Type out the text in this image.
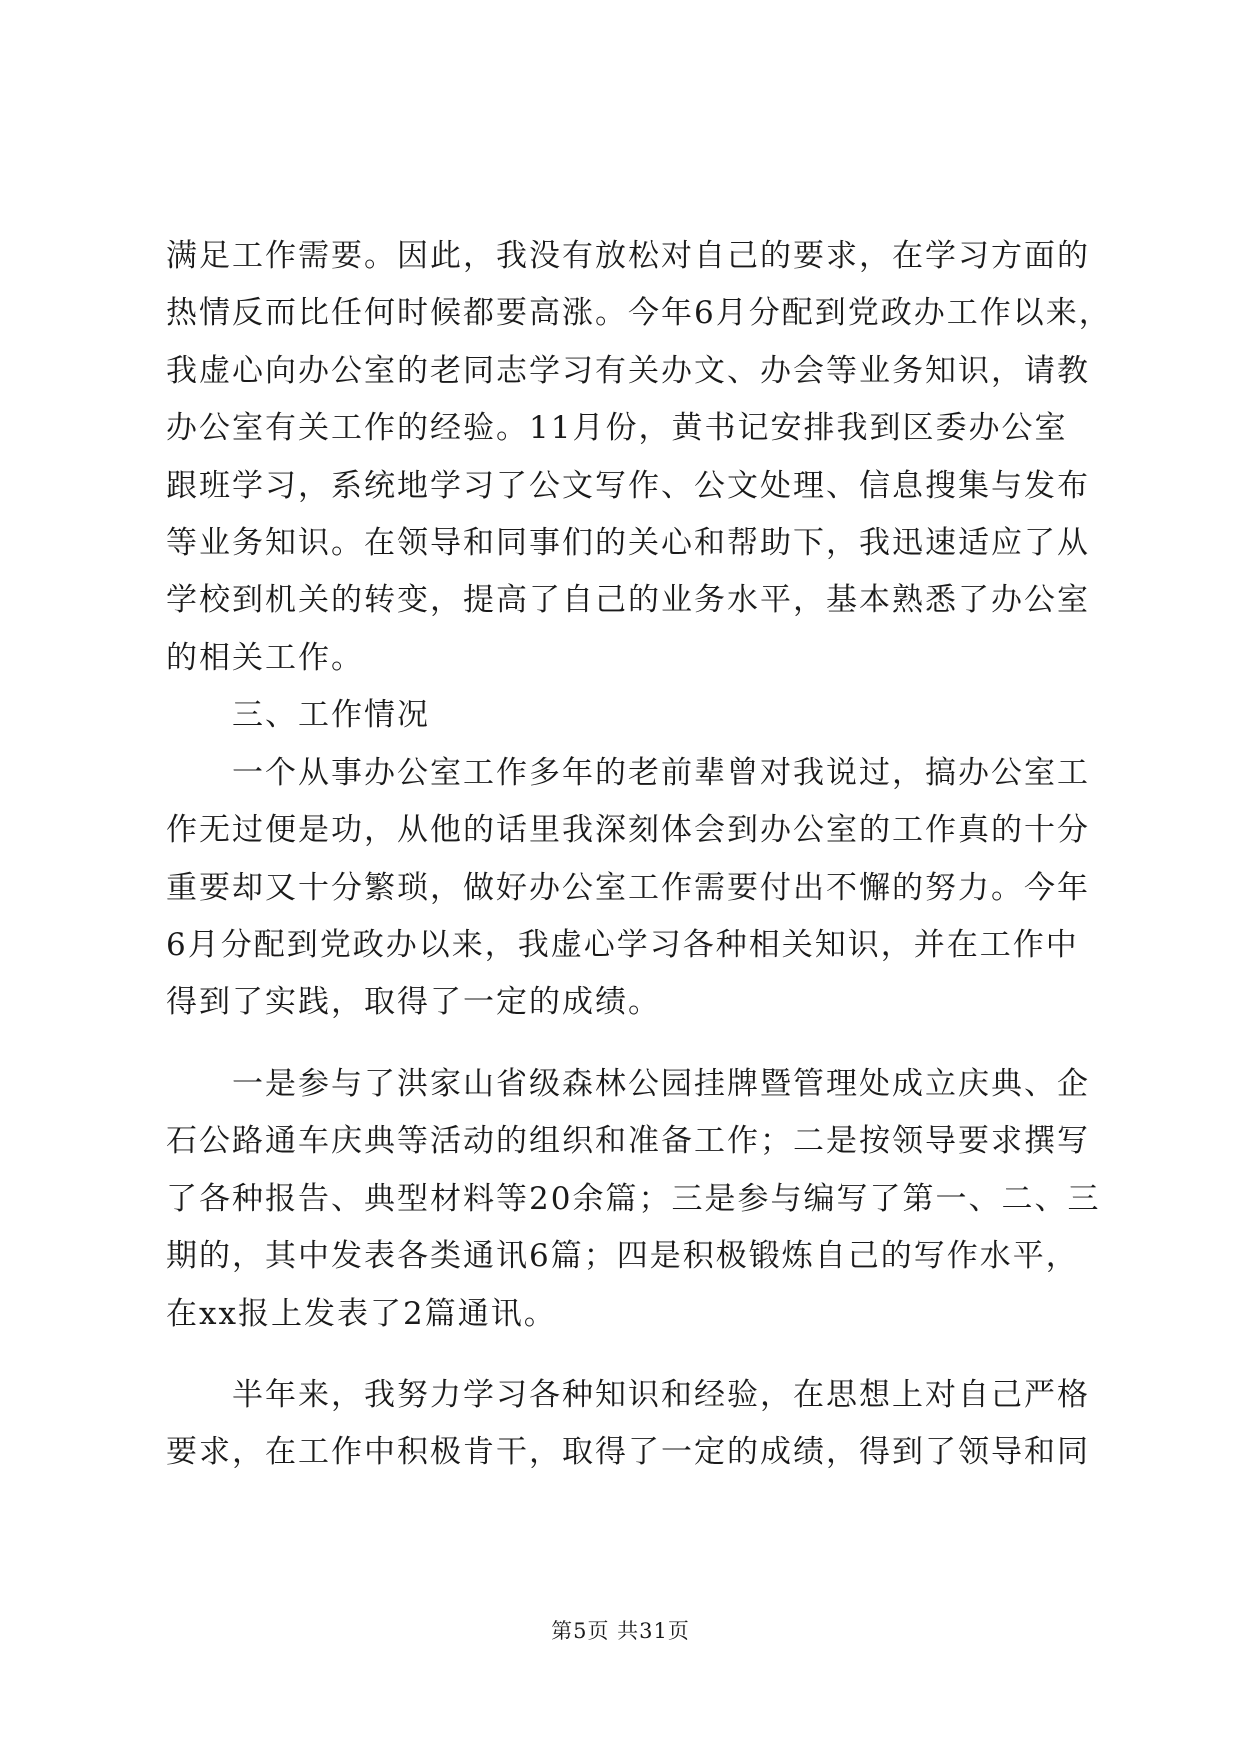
满足工作需要。因此，我没有放松对自己的要求，在学习方面的
热情反而比任何时候都要高涨。今年6月分配到党政办工作以来，
我虚心向办公室的老同志学习有关办文、办会等业务知识，请教
办公室有关工作的经验。11月份，黄书记安排我到区委办公室
跟班学习，系统地学习了公文写作、公文处理、信息搜集与发布
等业务知识。在领导和同事们的关心和帮助下，我迅速适应了从
学校到机关的转变，提高了自己的业务水平，基本熟悉了办公室
的相关工作。
三、工作情况
一个从事办公室工作多年的老前辈曾对我说过，搞办公室工
作无过便是功，从他的话里我深刻体会到办公室的工作真的十分
重要却又十分繁琐，做好办公室工作需要付出不懈的努力。今年
6月分配到党政办以来，我虚心学习各种相关知识，并在工作中
得到了实践，取得了一定的成绩。
一是参与了洪家山省级森林公园挂牌暨管理处成立庆典、企
石公路通车庆典等活动的组织和准备工作；二是按领导要求撰写
了各种报告、典型材料等20余篇；三是参与编写了第一、二、三
期的，其中发表各类通讯6篇；四是积极锻炼自己的写作水平，
在xx报上发表了2篇通讯。
半年来，我努力学习各种知识和经验，在思想上对自己严格
要求，在工作中积极肯干，取得了一定的成绩，得到了领导和同
第5页 共31页
